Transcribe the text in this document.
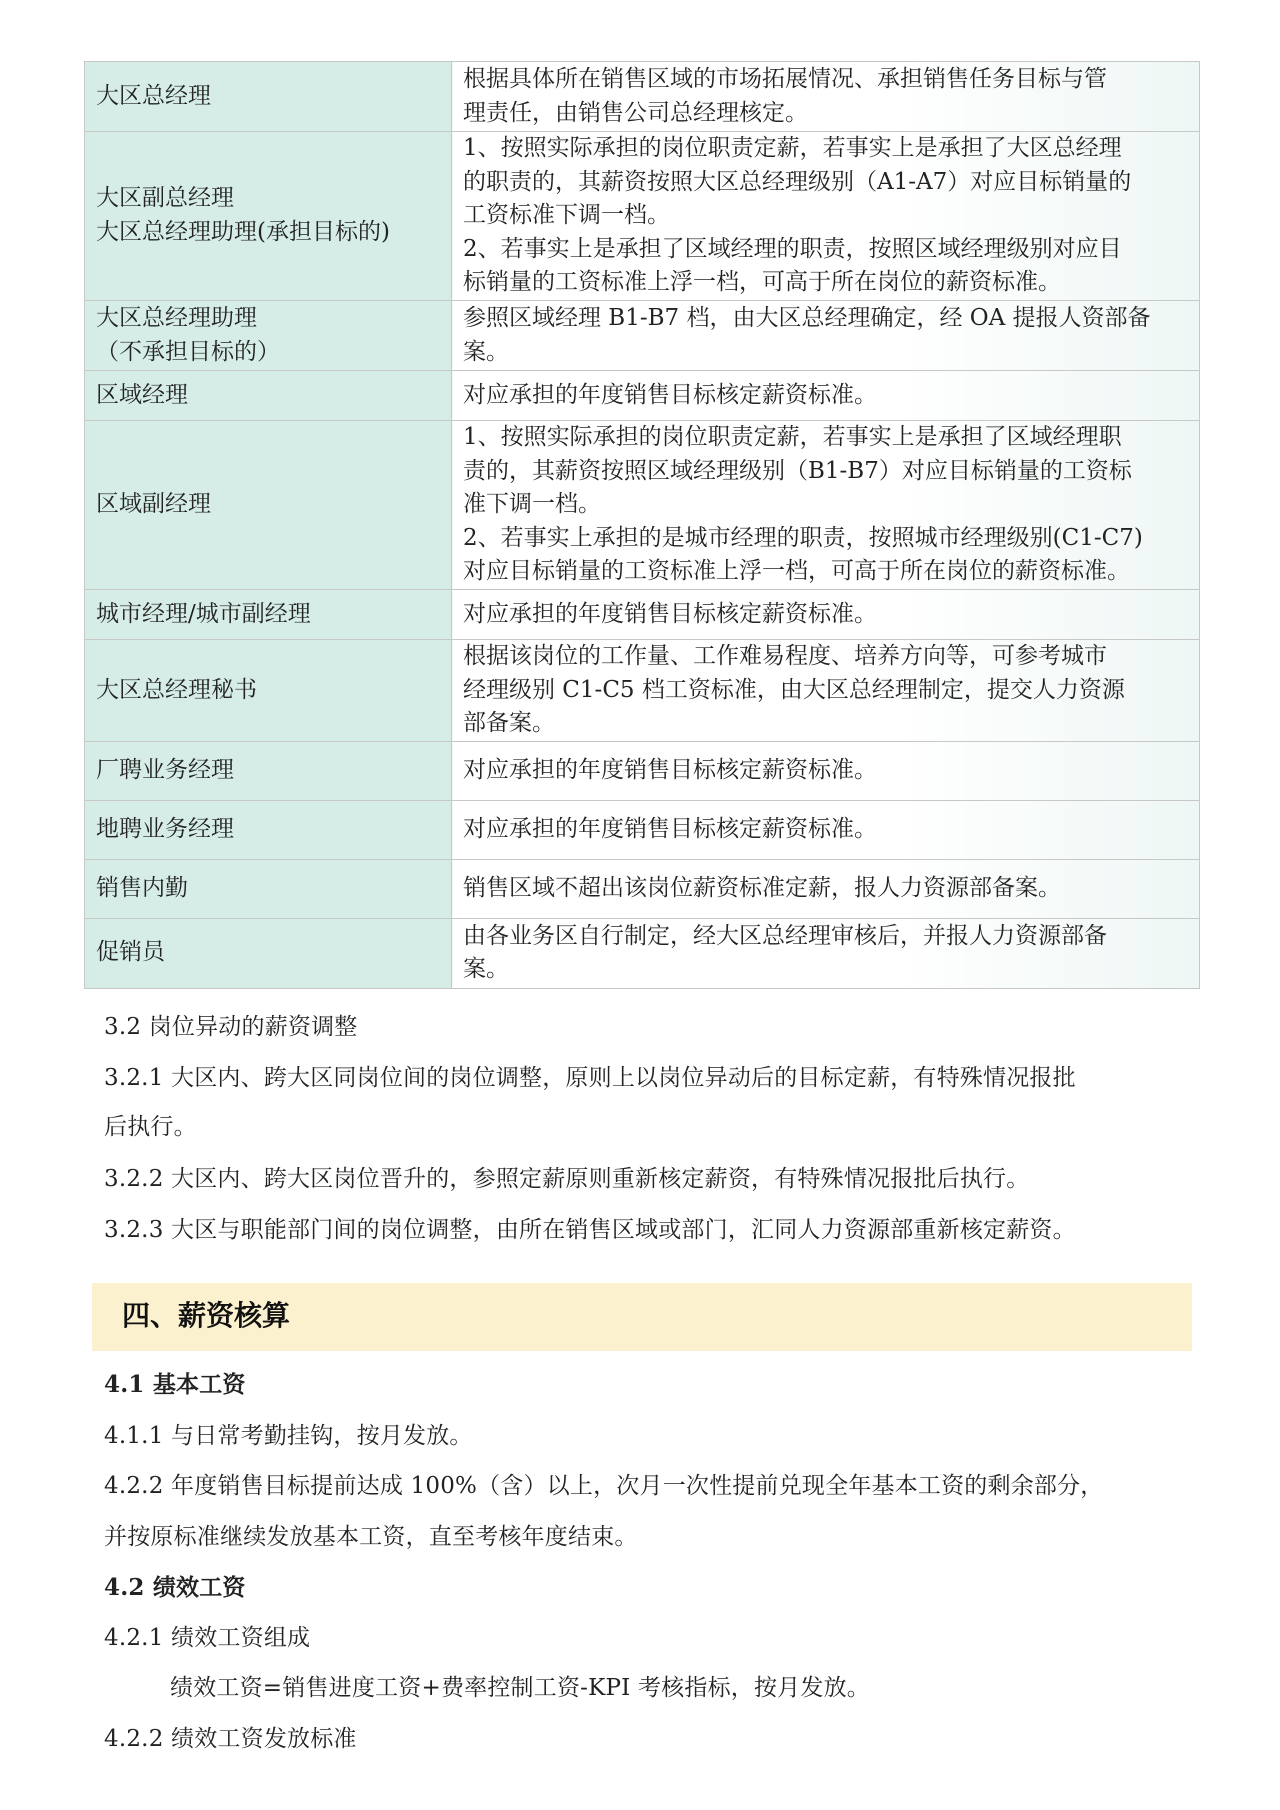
大区总经理	根据具体所在销售区域的市场拓展情况、承担销售任务目标与管
理责任，由销售公司总经理核定。

大区副总经理
大区总经理助理(承担目标的)	1、按照实际承担的岗位职责定薪，若事实上是承担了大区总经理
的职责的，其薪资按照大区总经理级别（A1-A7）对应目标销量的
工资标准下调一档。
2、若事实上是承担了区域经理的职责，按照区域经理级别对应目
标销量的工资标准上浮一档，可高于所在岗位的薪资标准。

大区总经理助理
（不承担目标的）	参照区域经理 B1-B7 档，由大区总经理确定，经 OA 提报人资部备
案。

区域经理	对应承担的年度销售目标核定薪资标准。

区域副经理	1、按照实际承担的岗位职责定薪，若事实上是承担了区域经理职
责的，其薪资按照区域经理级别（B1-B7）对应目标销量的工资标
准下调一档。
2、若事实上承担的是城市经理的职责，按照城市经理级别(C1-C7)
对应目标销量的工资标准上浮一档，可高于所在岗位的薪资标准。

城市经理/城市副经理	对应承担的年度销售目标核定薪资标准。

大区总经理秘书	根据该岗位的工作量、工作难易程度、培养方向等，可参考城市
经理级别 C1-C5 档工资标准，由大区总经理制定，提交人力资源
部备案。

厂聘业务经理	对应承担的年度销售目标核定薪资标准。

地聘业务经理	对应承担的年度销售目标核定薪资标准。

销售内勤	销售区域不超出该岗位薪资标准定薪，报人力资源部备案。

促销员	由各业务区自行制定，经大区总经理审核后，并报人力资源部备
案。
3.2 岗位异动的薪资调整
3.2.1 大区内、跨大区同岗位间的岗位调整，原则上以岗位异动后的目标定薪，有特殊情况报批
后执行。
3.2.2 大区内、跨大区岗位晋升的，参照定薪原则重新核定薪资，有特殊情况报批后执行。
3.2.3 大区与职能部门间的岗位调整，由所在销售区域或部门，汇同人力资源部重新核定薪资。
四、薪资核算
4.1 基本工资
4.1.1 与日常考勤挂钩，按月发放。
4.2.2 年度销售目标提前达成 100%（含）以上，次月一次性提前兑现全年基本工资的剩余部分，
并按原标准继续发放基本工资，直至考核年度结束。
4.2 绩效工资
4.2.1 绩效工资组成
绩效工资=销售进度工资+费率控制工资-KPI 考核指标，按月发放。
4.2.2 绩效工资发放标准
